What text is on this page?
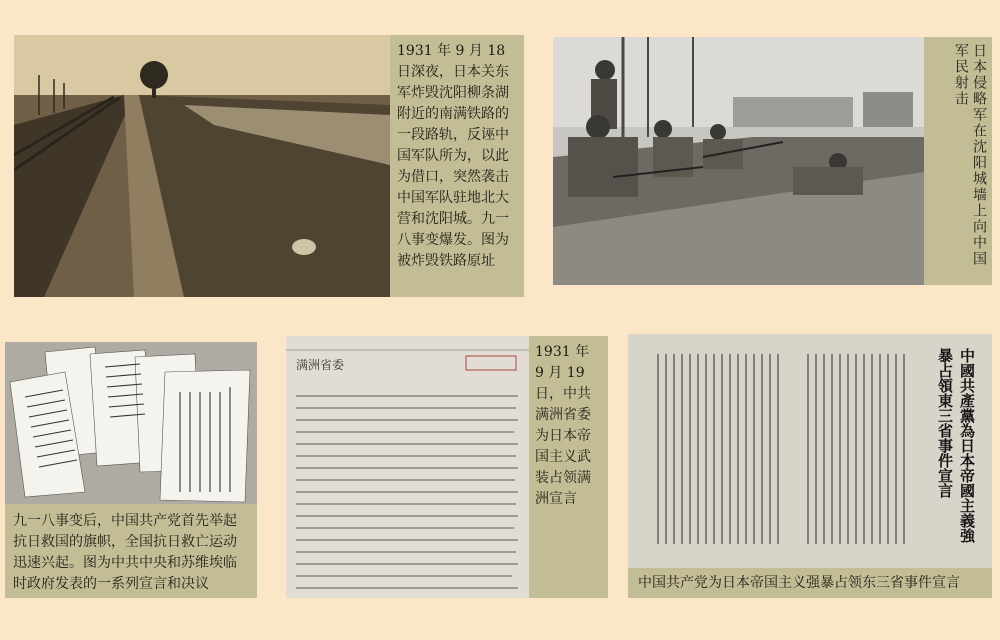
1931 年 9 月 18 日深夜，日本关东军炸毁沈阳柳条湖附近的南满铁路的一段路轨，反诬中国军队所为，以此为借口，突然袭击中国军队驻地北大营和沈阳城。九一八事变爆发。图为被炸毁铁路原址	日本侵略军在沈阳城墙上向中国军民射击
九一八事变后，中国共产党首先举起抗日救国的旗帜，全国抗日救亡运动迅速兴起。图为中共中央和苏维埃临时政府发表的一系列宣言和决议
满洲省委
1931 年 9 月 19 日，中共满洲省委为日本帝国主义武装占领满洲宣言	中國共產黨為日本帝國主義強暴占領東三省事件宣言
中国共产党为日本帝国主义强暴占领东三省事件宣言
